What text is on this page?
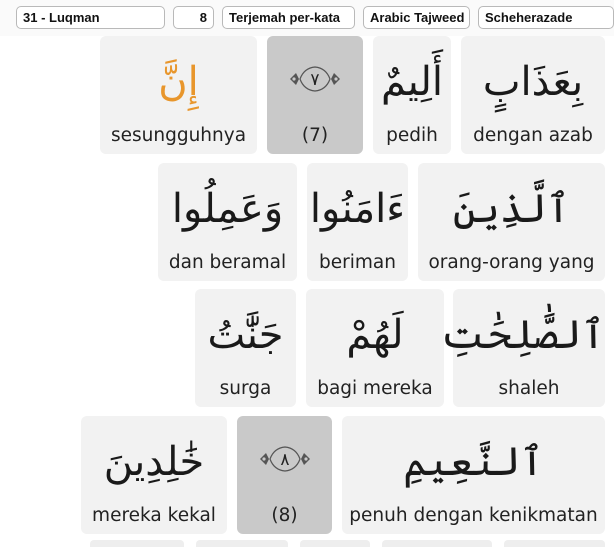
31 - Luqman	8	Terjemah per-kata	Arabic Tajweed	Scheherazade
إِنَّ
sesungguhnya
٧
(7)
أَلِيمٌ
pedih
بِعَذَابٍ
dengan azab
وَعَمِلُوا
dan beramal
ءَامَنُوا
beriman
ٱلَّذِينَ
orang-orang yang
جَنَّٰتُ
surga
لَهُمْ
bagi mereka
ٱلصَّٰلِحَٰتِ
shaleh
خَٰلِدِينَ
mereka kekal
٨
(8)
ٱلنَّعِيمِ
penuh dengan kenikmatan
